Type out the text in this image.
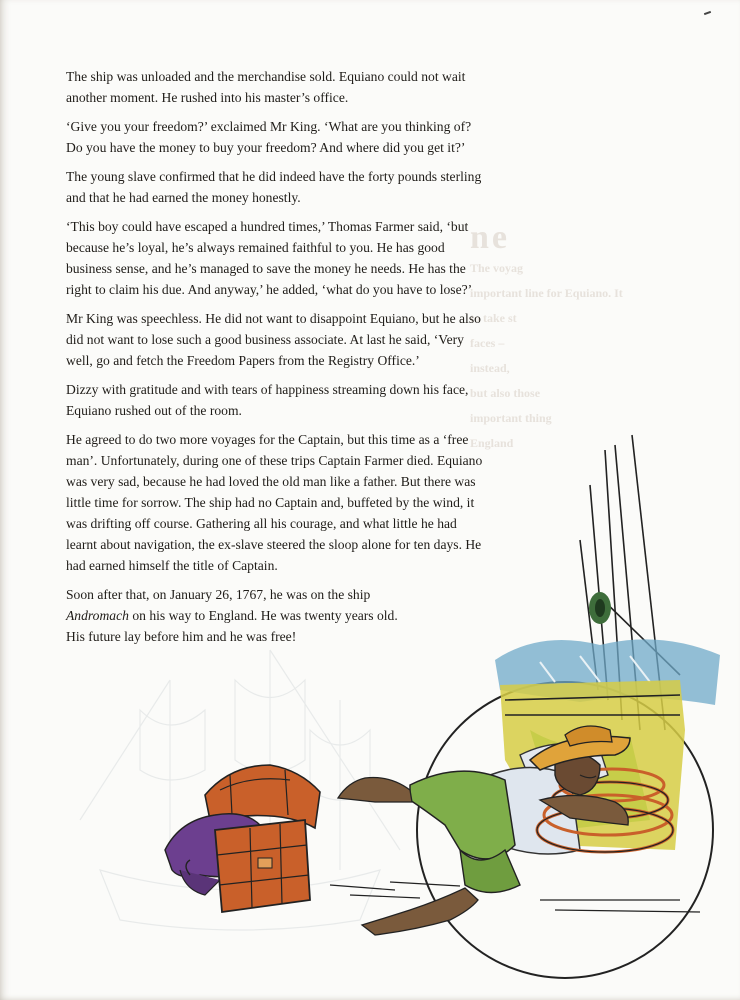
ne
The voyag
important line for Equiano. It
to take st
faces –
instead,
but also those
important thing
England

The ship was unloaded and the merchandise sold. Equiano could not wait another moment. He rushed into his master’s office.

‘Give you your freedom?’ exclaimed Mr King. ‘What are you thinking of? Do you have the money to buy your freedom? And where did you get it?’

The young slave confirmed that he did indeed have the forty pounds sterling and that he had earned the money honestly.

‘This boy could have escaped a hundred times,’ Thomas Farmer said, ‘but because he’s loyal, he’s always remained faithful to you. He has good business sense, and he’s managed to save the money he needs. He has the right to claim his due. And anyway,’ he added, ‘what do you have to lose?’

Mr King was speechless. He did not want to disappoint Equiano, but he also did not want to lose such a good business associate. At last he said, ‘Very well, go and fetch the Freedom Papers from the Registry Office.’

Dizzy with gratitude and with tears of happiness streaming down his face, Equiano rushed out of the room.

He agreed to do two more voyages for the Captain, but this time as a ‘free man’. Unfortunately, during one of these trips Captain Farmer died. Equiano was very sad, because he had loved the old man like a father. But there was little time for sorrow. The ship had no Captain and, buffeted by the wind, it was drifting off course. Gathering all his courage, and what little he had learnt about navigation, the ex-slave steered the sloop alone for ten days. He had earned himself the title of Captain.

Soon after that, on January 26, 1767, he was on the ship Andromach on his way to England. He was twenty years old. His future lay before him and he was free!
